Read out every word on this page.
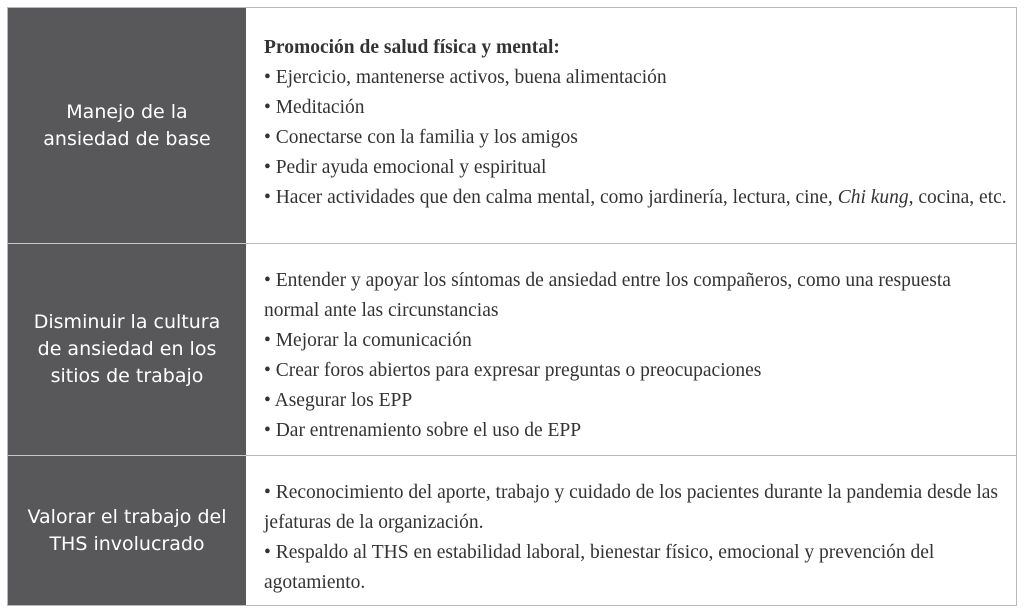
Manejo de la ansiedad de base
Promoción de salud física y mental:
• Ejercicio, mantenerse activos, buena alimentación
• Meditación
• Conectarse con la familia y los amigos
• Pedir ayuda emocional y espiritual
• Hacer actividades que den calma mental, como jardinería, lectura, cine, Chi kung, cocina, etc.
Disminuir la cultura de ansiedad en los sitios de trabajo
• Entender y apoyar los síntomas de ansiedad entre los compañeros, como una respuesta normal ante las circunstancias
• Mejorar la comunicación
• Crear foros abiertos para expresar preguntas o preocupaciones
• Asegurar los EPP
• Dar entrenamiento sobre el uso de EPP
Valorar el trabajo del THS involucrado
• Reconocimiento del aporte, trabajo y cuidado de los pacientes durante la pandemia desde las jefaturas de la organización.
• Respaldo al THS en estabilidad laboral, bienestar físico, emocional y prevención del agotamiento.
